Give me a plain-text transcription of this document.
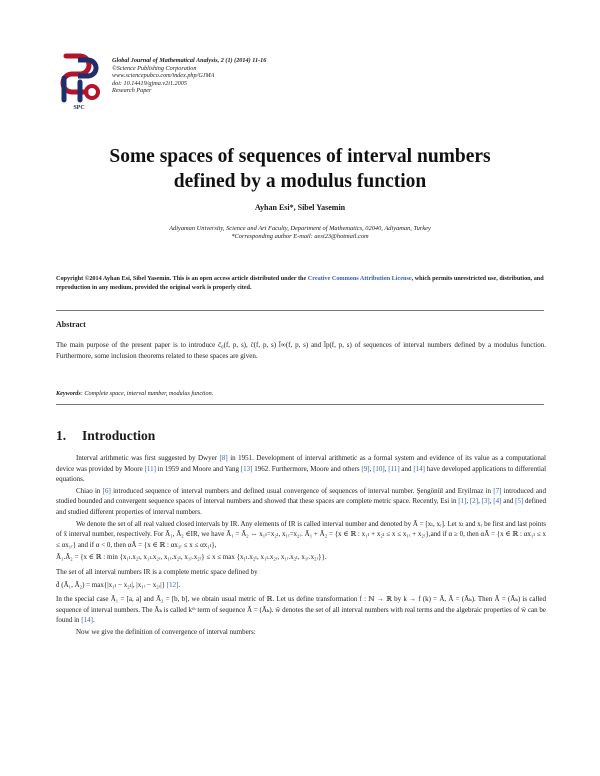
SPC
Global Journal of Mathematical Analysis, 2 (1) (2014) 11-16
©Science Publishing Corporation
www.sciencepubco.com/index.php/GJMA
doi: 10.14419/gjma.v2i1.2005
Research Paper
Some spaces of sequences of interval numbers
defined by a modulus function
Ayhan Esi*, Sibel Yasemin
Adiyaman University, Science and Art Faculty, Department of Mathematics, 02040, Adiyaman, Turkey
*Corresponding author E-mail: aesi23@hotmail.com
Copyright ©2014 Ayhan Esi, Sibel Yasemin. This is an open access article distributed under the Creative Commons Attribution License, which permits unrestricted use, distribution, and reproduction in any medium, provided the original work is properly cited.
Abstract
The main purpose of the present paper is to introduce c̄₀(f, p, s), c̄(f, p, s) l̄∞(f, p, s) and l̄p(f, p, s) of sequences of interval numbers defined by a modulus function. Furthermore, some inclusion theorems related to these spaces are given.
Keywords: Complete space, interval number, modulus function.
1. Introduction

Interval arithmetic was first suggested by Dwyer [8] in 1951. Development of interval arithmetic as a formal system and evidence of its value as a computational device was provided by Moore [11] in 1959 and Moore and Yang [13] 1962. Furthermore, Moore and others [9], [10], [11] and [14] have developed applications to differential equations.

Chiao in [6] introduced sequence of interval numbers and defined usual convergence of sequences of interval number. Şengönül and Eryilmaz in [7] introduced and studied bounded and convergent sequence spaces of interval numbers and showed that these spaces are complete metric space. Recently, Esi in [1], [2], [3], [4] and [5] defined and studied different properties of interval numbers.

We denote the set of all real valued closed intervals by IR. Any elements of IR is called interval number and denoted by Ā = [xₗ, xᵣ]. Let xₗ and xᵣ be first and last points of x̄ interval number, respectively. For Ā₁, Ā₂ ∈IR, we have Ā₁ = Ā₂ ⇔ x₁ₗ=x₂ₗ, x₁ᵣ=x₂ᵣ. Ā₁ + Ā₂ = {x ∈ ℝ : x₁ₗ + x₂ₗ ≤ x ≤ x₁ᵣ + x₂ᵣ},and if α ≥ 0, then αĀ = {x ∈ ℝ : αx₁ₗ ≤ x ≤ αx₁ᵣ} and if α < 0, then αĀ = {x ∈ ℝ : αx₁ᵣ ≤ x ≤ αx₁ₗ},

Ā₁.Ā₂ = {x ∈ ℝ : min {x₁ₗ.x₂ₗ, x₁ₗ.x₂ᵣ, x₁ᵣ.x₂ₗ, x₁ᵣ.x₂ᵣ} ≤ x ≤ max {x₁ₗ.x₂ₗ, x₁ₗ.x₂ᵣ, x₁ᵣ.x₂ₗ, x₁ᵣ.x₂ᵣ}}.

The set of all interval numbers IR is a complete metric space defined by

d̄ (Ā₁, Ā₂) = max{|x₁ₗ − x₂ₗ|, |x₁ᵣ − x₂ᵣ|} [12].

In the special case Ā₁ = [a, a] and Ā₂ = [b, b], we obtain usual metric of ℝ. Let us define transformation f : ℕ → ℝ by k → f (k) = Ā, Ā = (Āₖ). Then Ā = (Āₖ) is called sequence of interval numbers. The Āₖ is called kᵗʰ term of sequence Ā = (Āₖ). w̄ denotes the set of all interval numbers with real terms and the algebraic properties of w̄ can be found in [14].

Now we give the definition of convergence of interval numbers:
